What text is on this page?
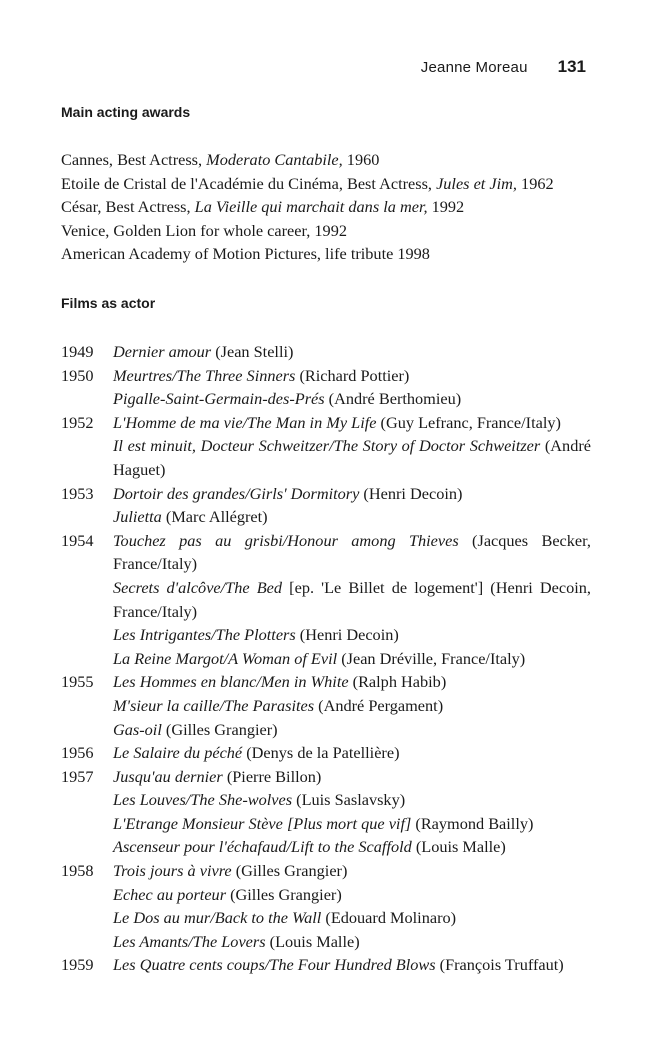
Jeanne Moreau 131
Main acting awards
Cannes, Best Actress, Moderato Cantabile, 1960
Etoile de Cristal de l'Académie du Cinéma, Best Actress, Jules et Jim, 1962
César, Best Actress, La Vieille qui marchait dans la mer, 1992
Venice, Golden Lion for whole career, 1992
American Academy of Motion Pictures, life tribute 1998
Films as actor
1949	Dernier amour (Jean Stelli)
1950	Meurtres/The Three Sinners (Richard Pottier)
Pigalle-Saint-Germain-des-Prés (André Berthomieu)
1952	L'Homme de ma vie/The Man in My Life (Guy Lefranc, France/Italy)
Il est minuit, Docteur Schweitzer/The Story of Doctor Schweitzer (André Haguet)
1953	Dortoir des grandes/Girls' Dormitory (Henri Decoin)
Julietta (Marc Allégret)
1954	Touchez pas au grisbi/Honour among Thieves (Jacques Becker, France/Italy)
Secrets d'alcôve/The Bed [ep. 'Le Billet de logement'] (Henri Decoin, France/Italy)
Les Intrigantes/The Plotters (Henri Decoin)
La Reine Margot/A Woman of Evil (Jean Dréville, France/Italy)
1955	Les Hommes en blanc/Men in White (Ralph Habib)
M'sieur la caille/The Parasites (André Pergament)
Gas-oil (Gilles Grangier)
1956	Le Salaire du péché (Denys de la Patellière)
1957	Jusqu'au dernier (Pierre Billon)
Les Louves/The She-wolves (Luis Saslavsky)
L'Etrange Monsieur Stève [Plus mort que vif] (Raymond Bailly)
Ascenseur pour l'échafaud/Lift to the Scaffold (Louis Malle)
1958	Trois jours à vivre (Gilles Grangier)
Echec au porteur (Gilles Grangier)
Le Dos au mur/Back to the Wall (Edouard Molinaro)
Les Amants/The Lovers (Louis Malle)
1959	Les Quatre cents coups/The Four Hundred Blows (François Truffaut)
